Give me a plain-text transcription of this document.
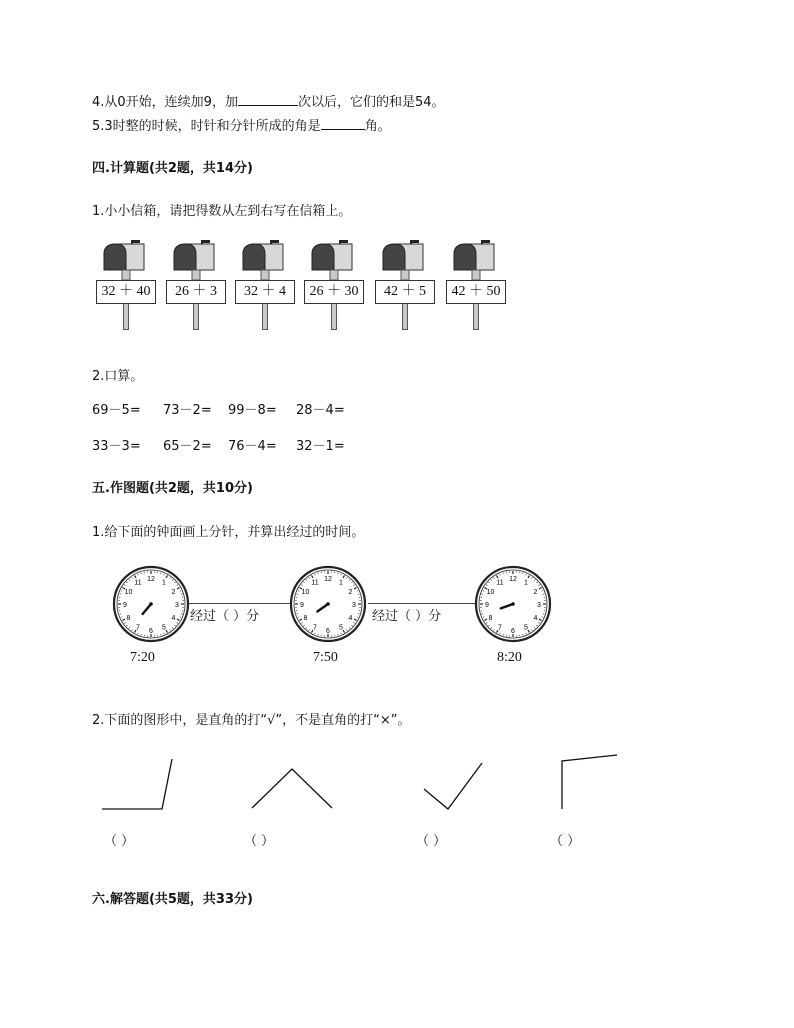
4.从0开始，连续加9，加	次以后，它们的和是54。
5.3时整的时候，时针和分针所成的角是	角。
四.计算题(共2题，共14分)
1.小小信箱，请把得数从左到右写在信箱上。
32 ＋ 40	26 ＋ 3	32 ＋ 4	26 ＋ 30	42 ＋ 5	42 ＋ 50
2.口算。
69－5= 73－2= 99－8= 28－4=
33－3= 65－2= 76－4= 32－1=
五.作图题(共2题，共10分)
1.给下面的钟面画上分针，并算出经过的时间。
1
2
3
4
5
6
7
8
9
10
11 12	1
2
3
4
5
6
7
8
9
10
11 12	1
2
3
4
5
6
7
8
9
10
11 12
经过（ ）分	经过（ ）分
7:20	7:50	8:20
2.下面的图形中，是直角的打“√”，不是直角的打“×”。
（ ）	（ ）	（ ）	（ ）
六.解答题(共5题，共33分)
